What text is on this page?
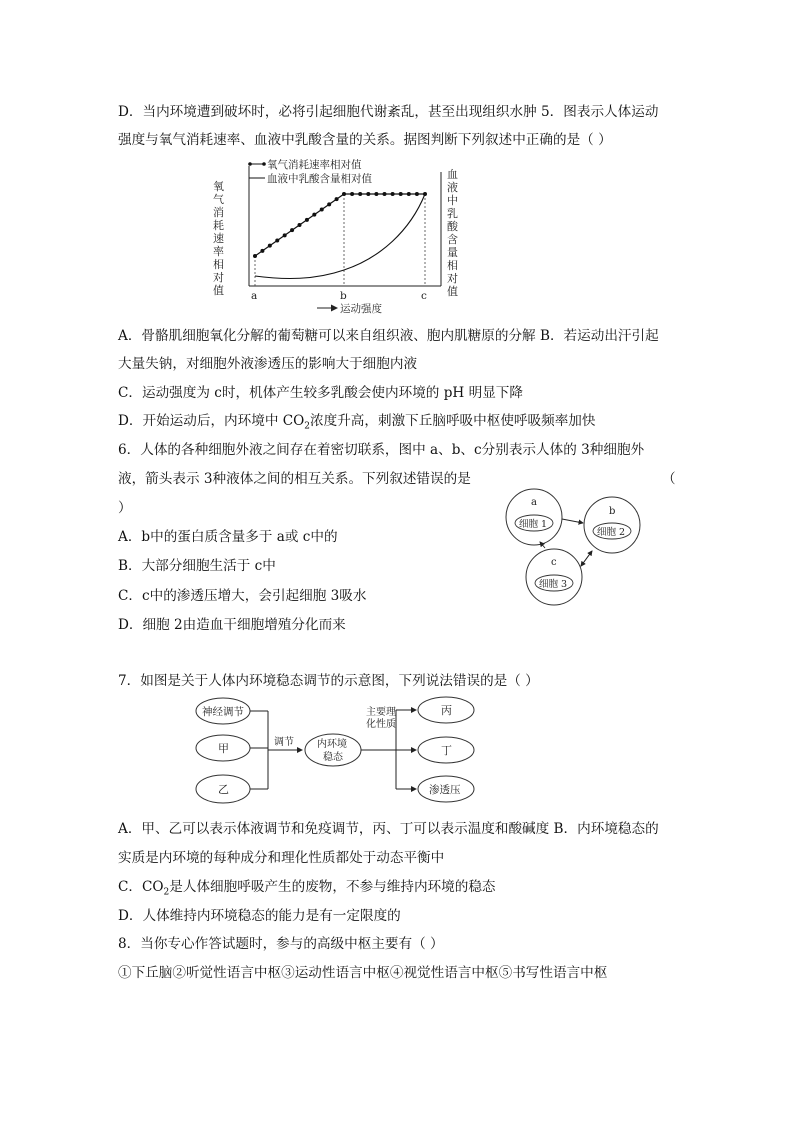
D．当内环境遭到破坏时，必将引起细胞代谢紊乱，甚至出现组织水肿 5．图表示人体运动
强度与氧气消耗速率、血液中乳酸含量的关系。据图判断下列叙述中正确的是（ ）
氧气消耗速率相对值
血液中乳酸含量相对值
a	b	c
运动强度
氧
气
消
耗
速
率
相
对
值
血
液
中
乳
酸
含
量
相
对
值
A．骨骼肌细胞氧化分解的葡萄糖可以来自组织液、胞内肌糖原的分解 B．若运动出汗引起
大量失钠，对细胞外液渗透压的影响大于细胞内液
C．运动强度为 c时，机体产生较多乳酸会使内环境的 pH 明显下降
D．开始运动后，内环境中 $CO_2$浓度升高，刺激下丘脑呼吸中枢使呼吸频率加快
6．人体的各种细胞外液之间存在着密切联系，图中 a、b、c分别表示人体的 3种细胞外
液，箭头表示 3种液体之间的相互关系。下列叙述错误的是	（
）
A．b中的蛋白质含量多于 a或 c中的
B．大部分细胞生活于 c中
C．c中的渗透压增大，会引起细胞 3吸水
D．细胞 2由造血干细胞增殖分化而来
a
细胞 1
b
细胞 2
c
细胞 3
7．如图是关于人体内环境稳态调节的示意图，下列说法错误的是（ ）
神经调节
甲
乙
调节 内环境
稳态
主要理
化性质
丙
丁
渗透压
A．甲、乙可以表示体液调节和免疫调节，丙、丁可以表示温度和酸碱度 B．内环境稳态的
实质是内环境的每种成分和理化性质都处于动态平衡中
C．$CO_2$是人体细胞呼吸产生的废物，不参与维持内环境的稳态
D．人体维持内环境稳态的能力是有一定限度的
8．当你专心作答试题时，参与的高级中枢主要有（ ）
①下丘脑②听觉性语言中枢③运动性语言中枢④视觉性语言中枢⑤书写性语言中枢
